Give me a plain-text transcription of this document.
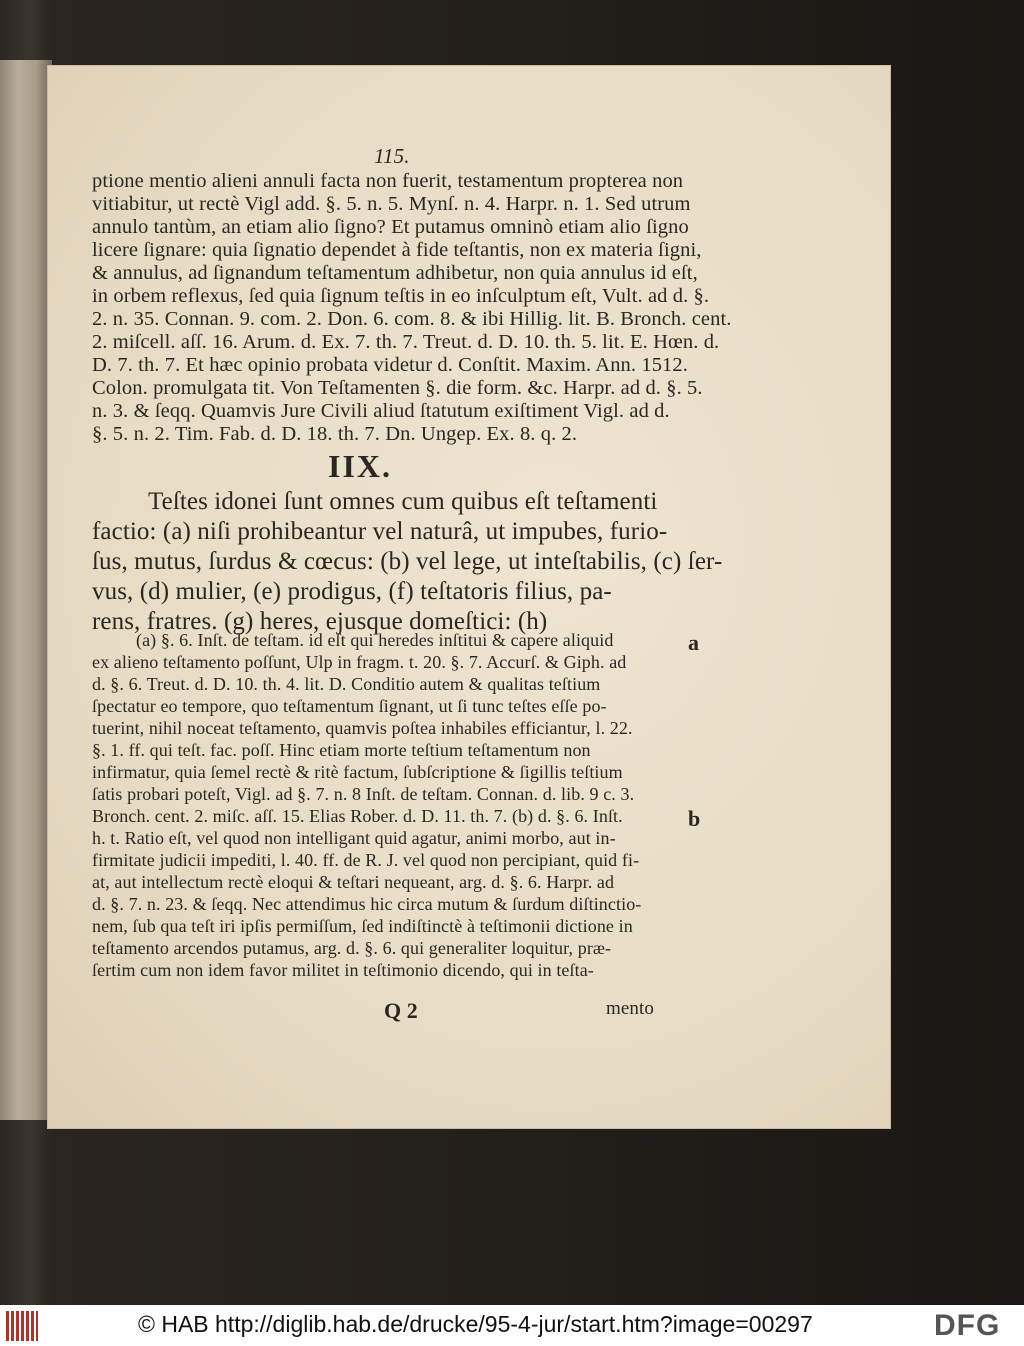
115.
ptione mentio alieni annuli facta non fuerit, testamentum propterea non
vitiabitur, ut rectè Vigl add. §. 5. n. 5. Mynſ. n. 4. Harpr. n. 1. Sed utrum
annulo tantùm, an etiam alio ſigno? Et putamus omninò etiam alio ſigno
licere ſignare: quia ſignatio dependet à fide teſtantis, non ex materia ſigni,
& annulus, ad ſignandum teſtamentum adhibetur, non quia annulus id eſt,
in orbem reflexus, ſed quia ſignum teſtis in eo inſculptum eſt, Vult. ad d. §.
2. n. 35. Connan. 9. com. 2. Don. 6. com. 8. & ibi Hillig. lit. B. Bronch. cent.
2. miſcell. aſſ. 16. Arum. d. Ex. 7. th. 7. Treut. d. D. 10. th. 5. lit. E. Hœn. d.
D. 7. th. 7. Et hæc opinio probata videtur d. Conſtit. Maxim. Ann. 1512.
Colon. promulgata tit. Von Teſtamenten §. die form. &c. Harpr. ad d. §. 5.
n. 3. & ſeqq. Quamvis Jure Civili aliud ſtatutum exiſtiment Vigl. ad d.
§. 5. n. 2. Tim. Fab. d. D. 18. th. 7. Dn. Ungep. Ex. 8. q. 2.
IIX.
Teſtes idonei ſunt omnes cum quibus eſt teſtamenti
factio: (a) niſi prohibeantur vel naturâ, ut impubes, furio-
ſus, mutus, ſurdus & cœcus: (b) vel lege, ut inteſtabilis, (c) ſer-
vus, (d) mulier, (e) prodigus, (f) teſtatoris filius, pa-
rens, fratres. (g) heres, ejusque domeſtici: (h)
(a) §. 6. Inſt. de teſtam. id eſt qui heredes inſtitui & capere aliquid
ex alieno teſtamento poſſunt, Ulp in fragm. t. 20. §. 7. Accurſ. & Giph. ad
d. §. 6. Treut. d. D. 10. th. 4. lit. D. Conditio autem & qualitas teſtium
ſpectatur eo tempore, quo teſtamentum ſignant, ut ſi tunc teſtes eſſe po-
tuerint, nihil noceat teſtamento, quamvis poſtea inhabiles efficiantur, l. 22.
§. 1. ff. qui teſt. fac. poſſ. Hinc etiam morte teſtium teſtamentum non
infirmatur, quia ſemel rectè & ritè factum, ſubſcriptione & ſigillis teſtium
ſatis probari poteſt, Vigl. ad §. 7. n. 8 Inſt. de teſtam. Connan. d. lib. 9 c. 3.
Bronch. cent. 2. miſc. aſſ. 15. Elias Rober. d. D. 11. th. 7. (b) d. §. 6. Inſt.
h. t. Ratio eſt, vel quod non intelligant quid agatur, animi morbo, aut in-
firmitate judicii impediti, l. 40. ff. de R. J. vel quod non percipiant, quid fi-
at, aut intellectum rectè eloqui & teſtari nequeant, arg. d. §. 6. Harpr. ad
d. §. 7. n. 23. & ſeqq. Nec attendimus hic circa mutum & ſurdum diſtinctio-
nem, ſub qua teſt iri ipſis permiſſum, ſed indiſtinctè à teſtimonii dictione in
teſtamento arcendos putamus, arg. d. §. 6. qui generaliter loquitur, præ-
ſertim cum non idem favor militet in teſtimonio dicendo, qui in teſta-
a
b
Q 2	mento
© HAB http://diglib.hab.de/drucke/95-4-jur/start.htm?image=00297	DFG
